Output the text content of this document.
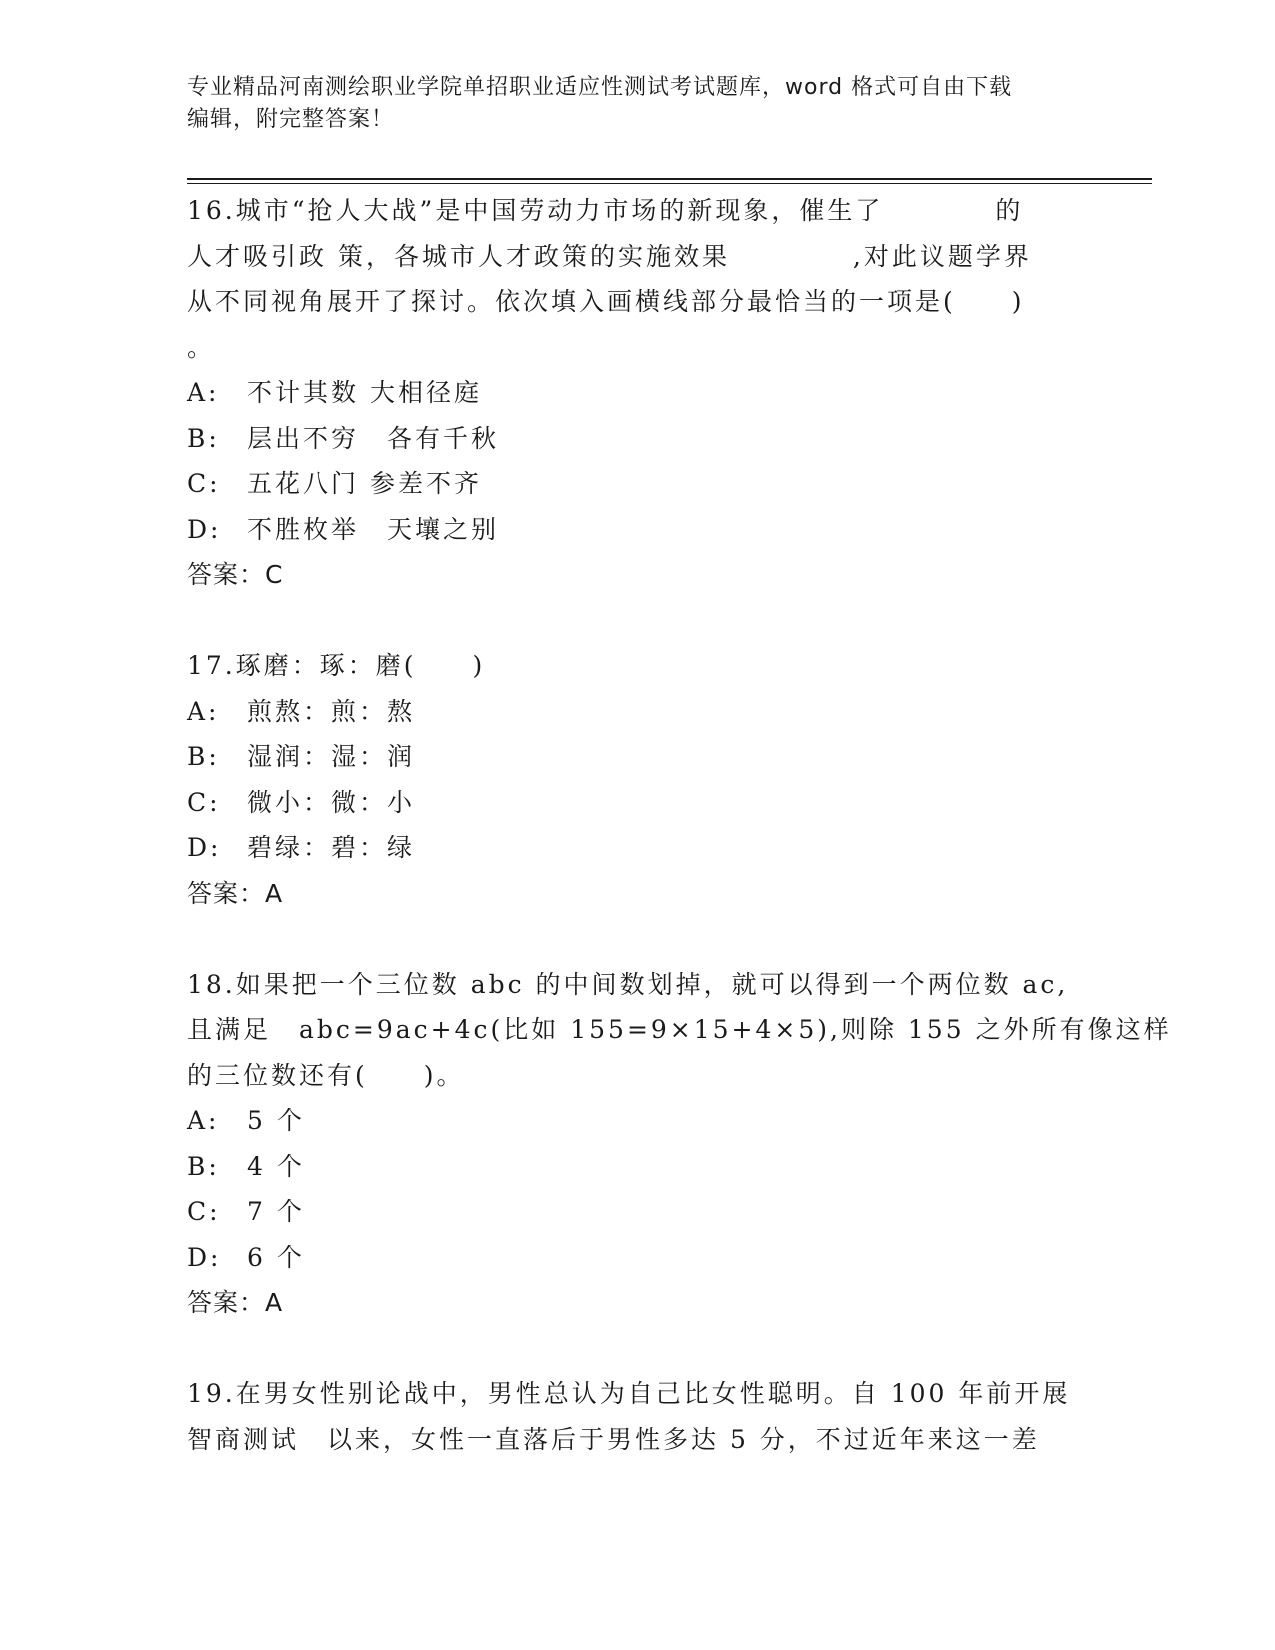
专业精品河南测绘职业学院单招职业适应性测试考试题库，word 格式可自由下载
编辑，附完整答案！
16.城市“抢人大战”是中国劳动力市场的新现象，催生了　　　　的
人才吸引政 策，各城市人才政策的实施效果　　　　 ,对此议题学界
从不同视角展开了探讨。依次填入画横线部分最恰当的一项是(　　)
。
A: 不计其数 大相径庭
B: 层出不穷　各有千秋
C: 五花八门 参差不齐
D: 不胜枚举　天壤之别
答案：C
17.琢磨：琢：磨(　　)
A: 煎熬：煎：熬
B: 湿润：湿：润
C: 微小：微：小
D: 碧绿：碧：绿
答案：A
18.如果把一个三位数 abc 的中间数划掉，就可以得到一个两位数 ac,
且满足　abc=9ac+4c(比如 155=9×15+4×5),则除 155 之外所有像这样
的三位数还有(　　)。
A: 5 个
B: 4 个
C: 7 个
D: 6 个
答案：A
19.在男女性别论战中，男性总认为自己比女性聪明。自 100 年前开展
智商测试　以来，女性一直落后于男性多达 5 分，不过近年来这一差
